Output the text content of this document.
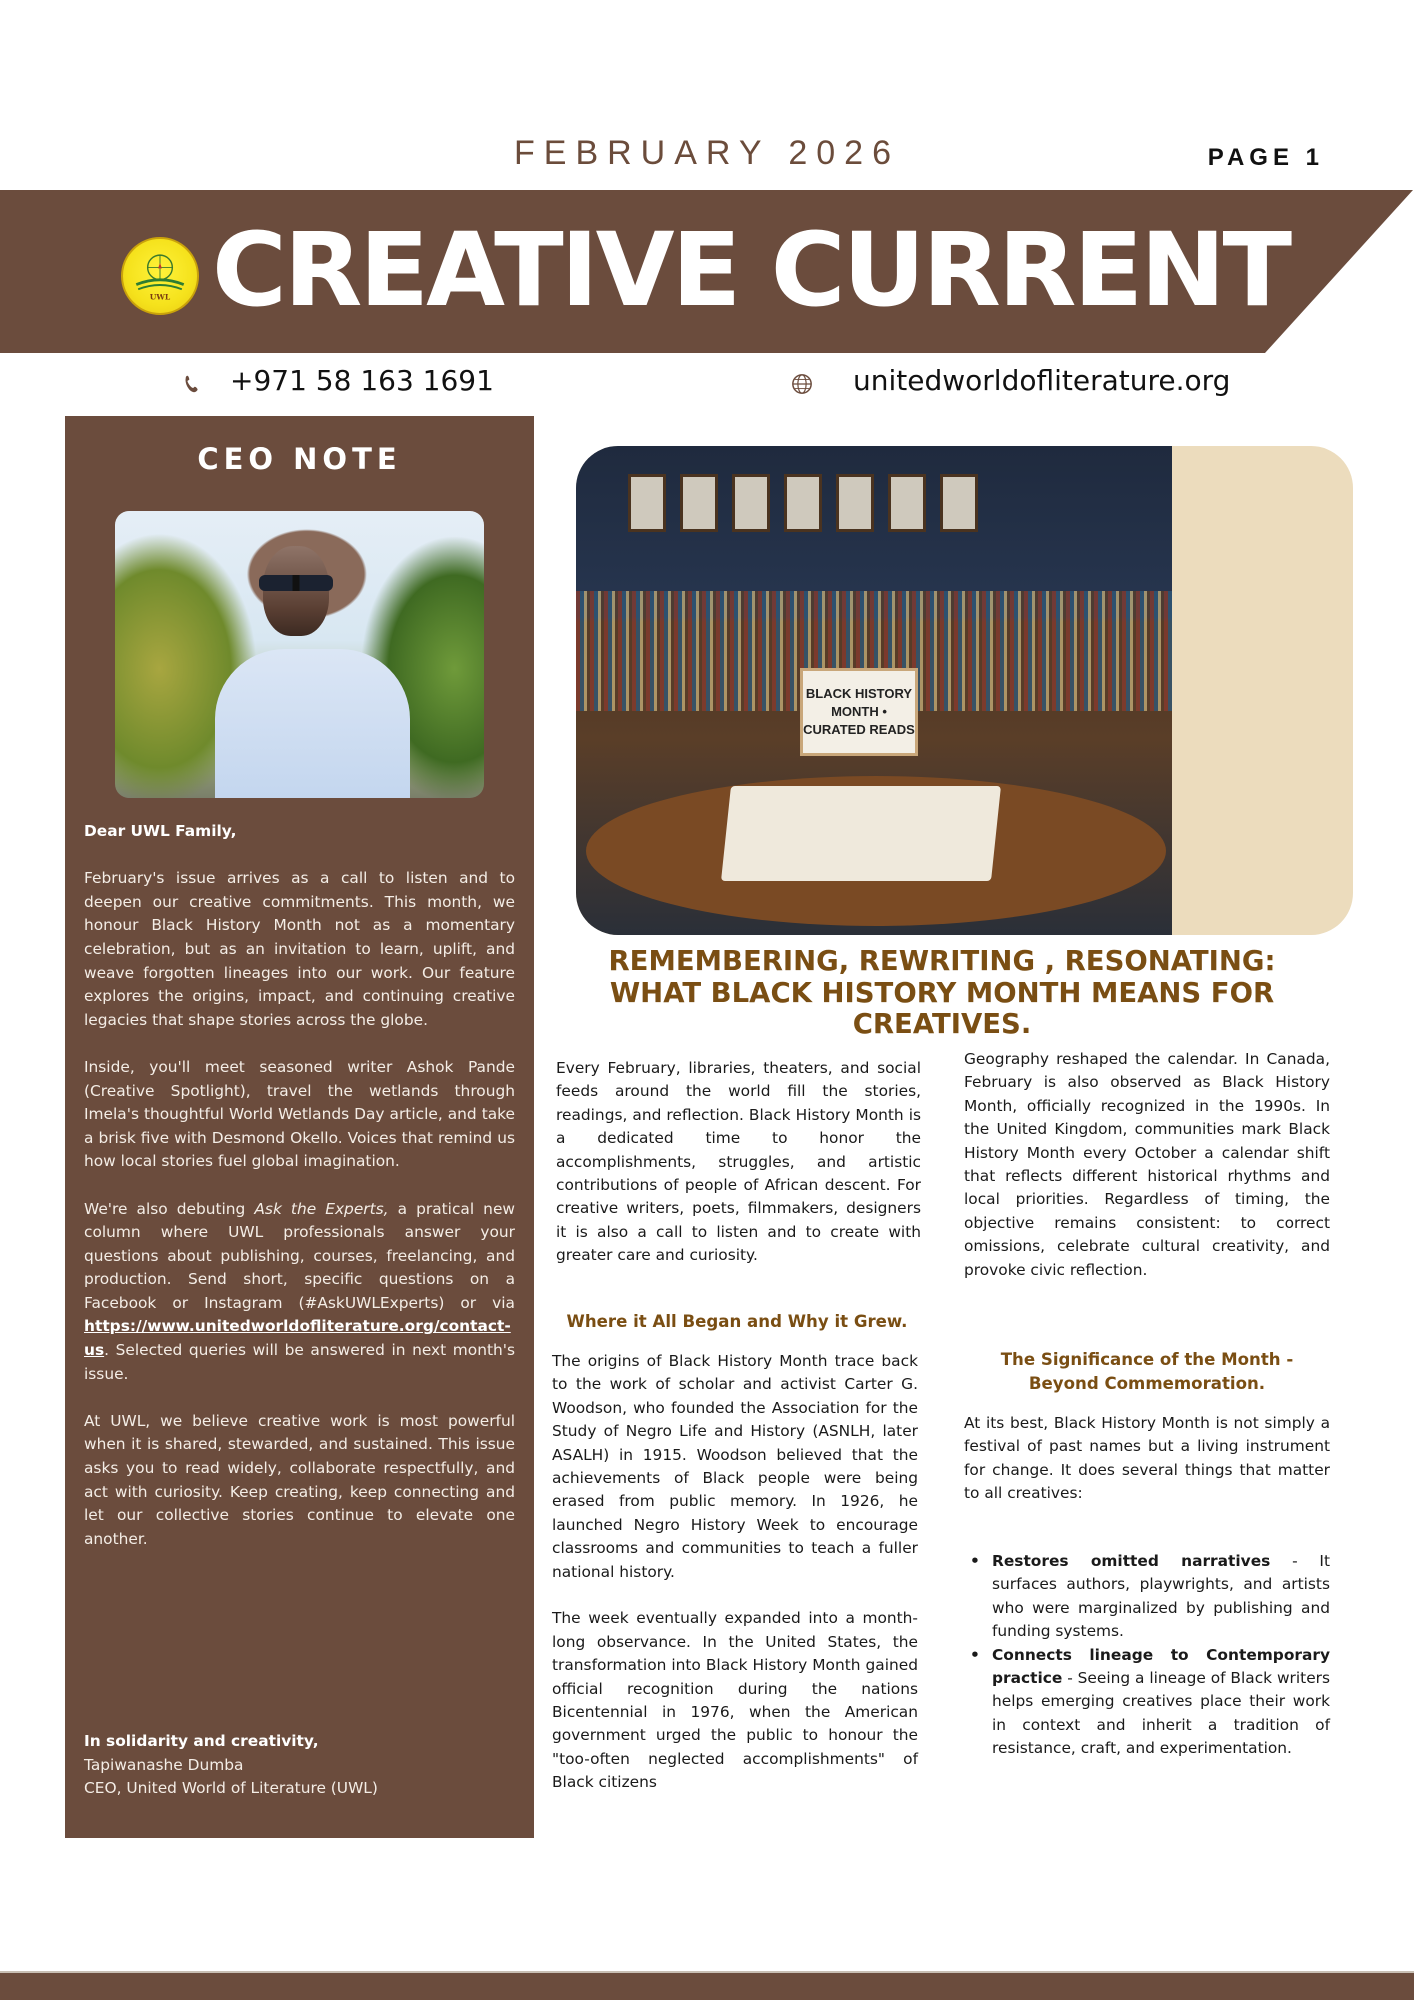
FEBRUARY 2026	PAGE 1
UWL CREATIVE CURRENT
+971 58 163 1691	unitedworldofliterature.org
CEO NOTE

Dear UWL Family,

February's issue arrives as a call to listen and to deepen our creative commitments. This month, we honour Black History Month not as a momentary celebration, but as an invitation to learn, uplift, and weave forgotten lineages into our work. Our feature explores the origins, impact, and continuing creative legacies that shape stories across the globe.

Inside, you'll meet seasoned writer Ashok Pande (Creative Spotlight), travel the wetlands through Imela's thoughtful World Wetlands Day article, and take a brisk five with Desmond Okello. Voices that remind us how local stories fuel global imagination.

We're also debuting Ask the Experts, a pratical new column where UWL professionals answer your questions about publishing, courses, freelancing, and production. Send short, specific questions on a Facebook or Instagram (#AskUWLExperts) or via https://www.unitedworldofliterature.org/contact-us. Selected queries will be answered in next month's issue.

At UWL, we believe creative work is most powerful when it is shared, stewarded, and sustained. This issue asks you to read widely, collaborate respectfully, and act with curiosity. Keep creating, keep connecting and let our collective stories continue to elevate one another.

In solidarity and creativity,
Tapiwanashe Dumba
CEO, United World of Literature (UWL)
BLACK HISTORY
MONTH •
CURATED READS
REMEMBERING, REWRITING , RESONATING: WHAT BLACK HISTORY MONTH MEANS FOR CREATIVES.

Every February, libraries, theaters, and social feeds around the world fill the stories, readings, and reflection. Black History Month is a dedicated time to honor the accomplishments, struggles, and artistic contributions of people of African descent. For creative writers, poets, filmmakers, designers it is also a call to listen and to create with greater care and curiosity.

Where it All Began and Why it Grew.

The origins of Black History Month trace back to the work of scholar and activist Carter G. Woodson, who founded the Association for the Study of Negro Life and History (ASNLH, later ASALH) in 1915. Woodson believed that the achievements of Black people were being erased from public memory. In 1926, he launched Negro History Week to encourage classrooms and communities to teach a fuller national history.

The week eventually expanded into a month-long observance. In the United States, the transformation into Black History Month gained official recognition during the nations Bicentennial in 1976, when the American government urged the public to honour the "too-often neglected accomplishments" of Black citizens

Geography reshaped the calendar. In Canada, February is also observed as Black History Month, officially recognized in the 1990s. In the United Kingdom, communities mark Black History Month every October a calendar shift that reflects different historical rhythms and local priorities. Regardless of timing, the objective remains consistent: to correct omissions, celebrate cultural creativity, and provoke civic reflection.

The Significance of the Month - Beyond Commemoration.

At its best, Black History Month is not simply a festival of past names but a living instrument for change. It does several things that matter to all creatives:

• Restores omitted narratives - It surfaces authors, playwrights, and artists who were marginalized by publishing and funding systems.
• Connects lineage to Contemporary practice - Seeing a lineage of Black writers helps emerging creatives place their work in context and inherit a tradition of resistance, craft, and experimentation.
